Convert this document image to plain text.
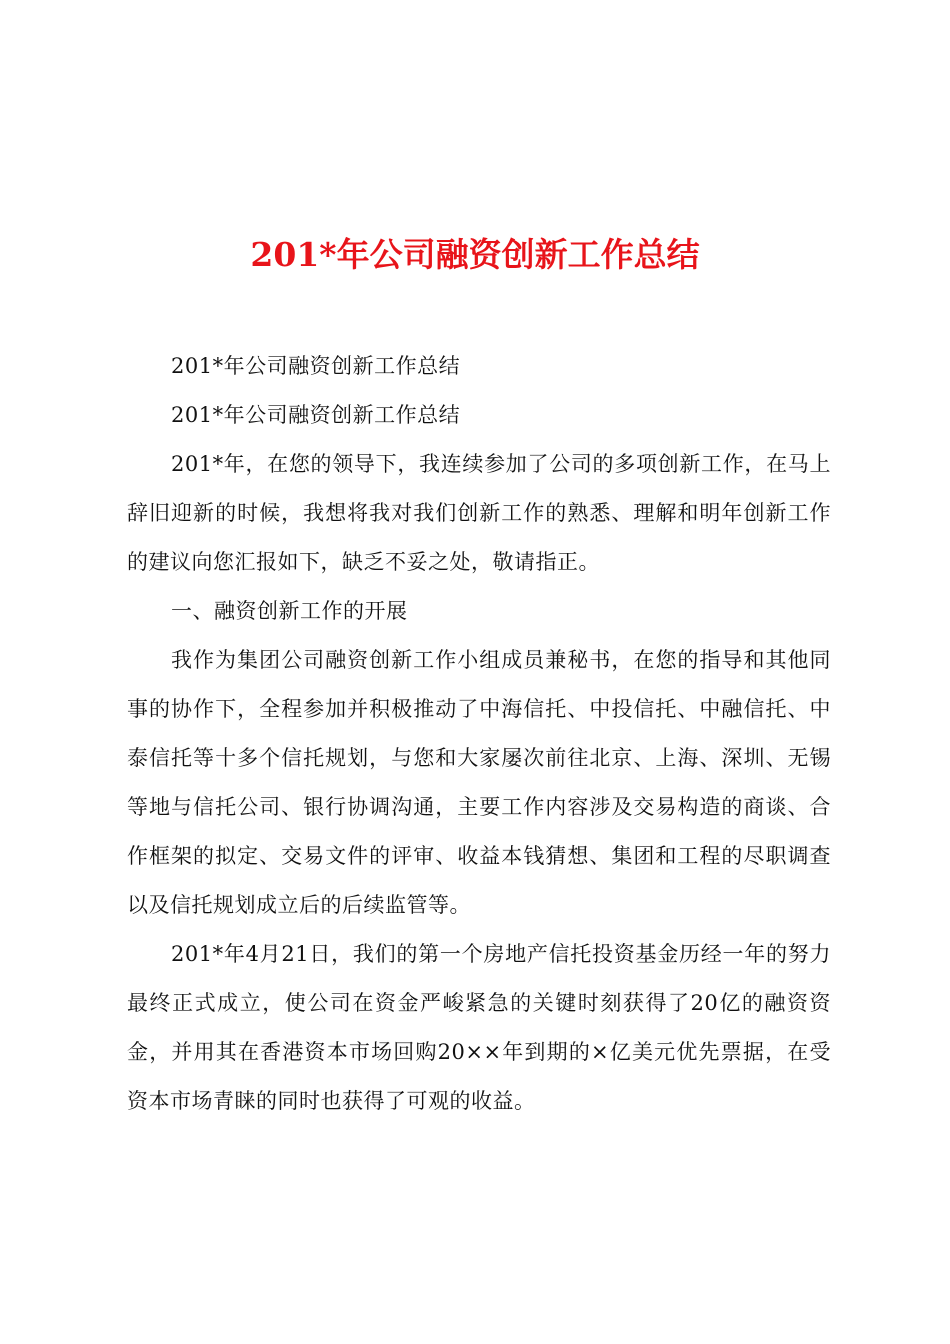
201*年公司融资创新工作总结

201*年公司融资创新工作总结

201*年公司融资创新工作总结

201*年，在您的领导下，我连续参加了公司的多项创新工作，在马上辞旧迎新的时候，我想将我对我们创新工作的熟悉、理解和明年创新工作的建议向您汇报如下，缺乏不妥之处，敬请指正。

一、融资创新工作的开展

我作为集团公司融资创新工作小组成员兼秘书，在您的指导和其他同事的协作下，全程参加并积极推动了中海信托、中投信托、中融信托、中泰信托等十多个信托规划，与您和大家屡次前往北京、上海、深圳、无锡等地与信托公司、银行协调沟通，主要工作内容涉及交易构造的商谈、合作框架的拟定、交易文件的评审、收益本钱猜想、集团和工程的尽职调查以及信托规划成立后的后续监管等。

201*年4月21日，我们的第一个房地产信托投资基金历经一年的努力最终正式成立，使公司在资金严峻紧急的关键时刻获得了20亿的融资资金，并用其在香港资本市场回购20××年到期的×亿美元优先票据，在受资本市场青睐的同时也获得了可观的收益。
